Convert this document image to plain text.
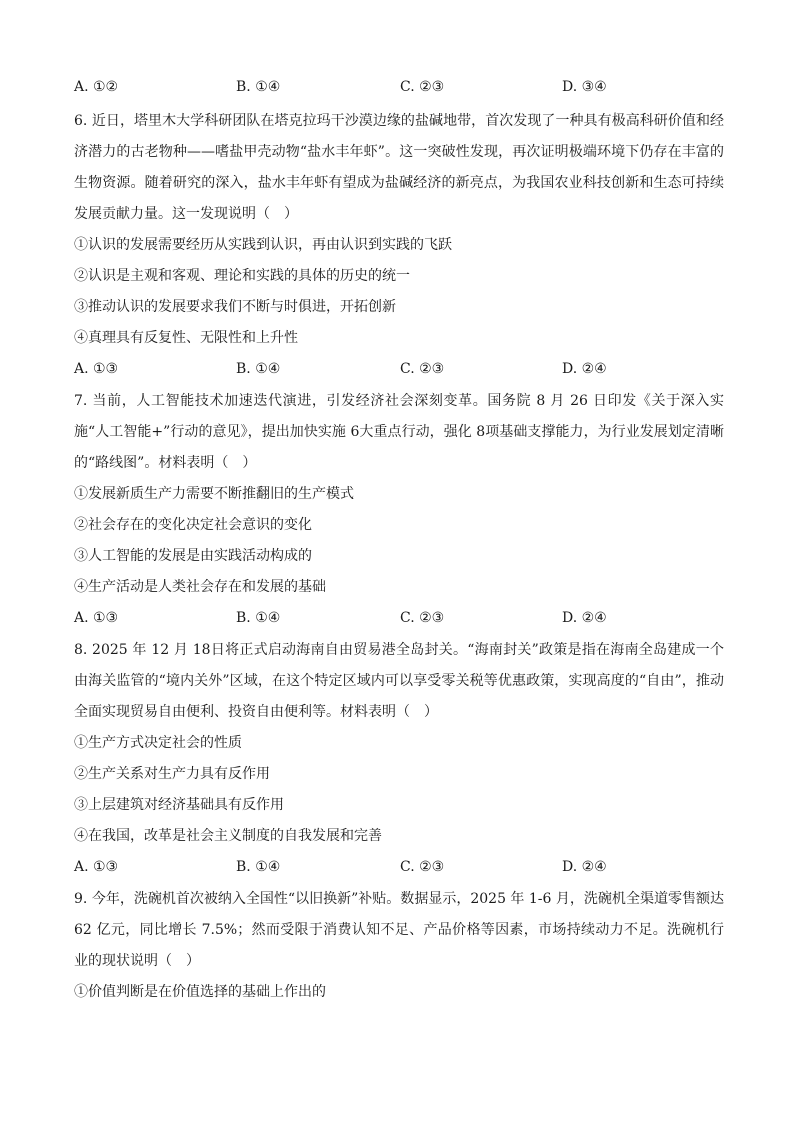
A. ①②	B. ①④	C. ②③	D. ③④

6. 近日，塔里木大学科研团队在塔克拉玛干沙漠边缘的盐碱地带，首次发现了一种具有极高科研价值和经济潜力的古老物种——嗜盐甲壳动物“盐水丰年虾”。这一突破性发现，再次证明极端环境下仍存在丰富的生物资源。随着研究的深入，盐水丰年虾有望成为盐碱经济的新亮点，为我国农业科技创新和生态可持续发展贡献力量。这一发现说明（　）

①认识的发展需要经历从实践到认识，再由认识到实践的飞跃

②认识是主观和客观、理论和实践的具体的历史的统一

③推动认识的发展要求我们不断与时俱进，开拓创新

④真理具有反复性、无限性和上升性

A. ①③	B. ①④	C. ②③	D. ②④

7. 当前，人工智能技术加速迭代演进，引发经济社会深刻变革。国务院 8 月 26 日印发《关于深入实施“人工智能+”行动的意见》，提出加快实施 6大重点行动，强化 8项基础支撑能力，为行业发展划定清晰的“路线图”。材料表明（　）

①发展新质生产力需要不断推翻旧的生产模式

②社会存在的变化决定社会意识的变化

③人工智能的发展是由实践活动构成的

④生产活动是人类社会存在和发展的基础

A. ①③	B. ①④	C. ②③	D. ②④

8. 2025 年 12 月 18日将正式启动海南自由贸易港全岛封关。“海南封关”政策是指在海南全岛建成一个由海关监管的“境内关外”区域，在这个特定区域内可以享受零关税等优惠政策，实现高度的“自由”，推动全面实现贸易自由便利、投资自由便利等。材料表明（　）

①生产方式决定社会的性质

②生产关系对生产力具有反作用

③上层建筑对经济基础具有反作用

④在我国，改革是社会主义制度的自我发展和完善

A. ①③	B. ①④	C. ②③	D. ②④

9. 今年，洗碗机首次被纳入全国性“以旧换新”补贴。数据显示，2025 年 1-6 月，洗碗机全渠道零售额达 62 亿元，同比增长 7.5%；然而受限于消费认知不足、产品价格等因素，市场持续动力不足。洗碗机行业的现状说明（　）

①价值判断是在价值选择的基础上作出的
